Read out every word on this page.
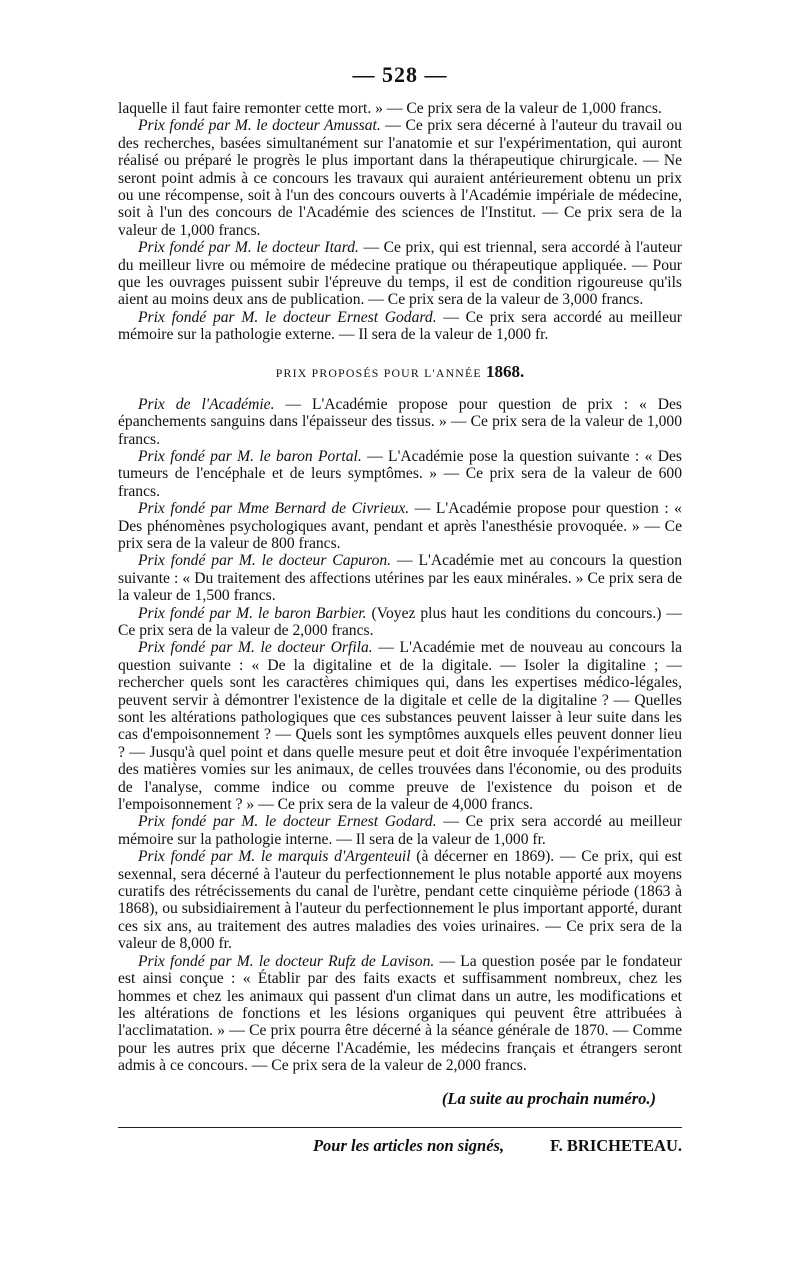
— 528 —

laquelle il faut faire remonter cette mort. » — Ce prix sera de la valeur de 1,000 francs.

Prix fondé par M. le docteur Amussat. — Ce prix sera décerné à l'auteur du travail ou des recherches, basées simultanément sur l'anatomie et sur l'expérimentation, qui auront réalisé ou préparé le progrès le plus important dans la thérapeutique chirurgicale. — Ne seront point admis à ce concours les travaux qui auraient antérieurement obtenu un prix ou une récompense, soit à l'un des concours ouverts à l'Académie impériale de médecine, soit à l'un des concours de l'Académie des sciences de l'Institut. — Ce prix sera de la valeur de 1,000 francs.

Prix fondé par M. le docteur Itard. — Ce prix, qui est triennal, sera accordé à l'auteur du meilleur livre ou mémoire de médecine pratique ou thérapeutique appliquée. — Pour que les ouvrages puissent subir l'épreuve du temps, il est de condition rigoureuse qu'ils aient au moins deux ans de publication. — Ce prix sera de la valeur de 3,000 francs.

Prix fondé par M. le docteur Ernest Godard. — Ce prix sera accordé au meilleur mémoire sur la pathologie externe. — Il sera de la valeur de 1,000 fr.

PRIX PROPOSÉS POUR L'ANNÉE 1868.

Prix de l'Académie. — L'Académie propose pour question de prix : « Des épanchements sanguins dans l'épaisseur des tissus. » — Ce prix sera de la valeur de 1,000 francs.

Prix fondé par M. le baron Portal. — L'Académie pose la question suivante : « Des tumeurs de l'encéphale et de leurs symptômes. » — Ce prix sera de la valeur de 600 francs.

Prix fondé par Mme Bernard de Civrieux. — L'Académie propose pour question : « Des phénomènes psychologiques avant, pendant et après l'anesthésie provoquée. » — Ce prix sera de la valeur de 800 francs.

Prix fondé par M. le docteur Capuron. — L'Académie met au concours la question suivante : « Du traitement des affections utérines par les eaux minérales. » Ce prix sera de la valeur de 1,500 francs.

Prix fondé par M. le baron Barbier. (Voyez plus haut les conditions du concours.) — Ce prix sera de la valeur de 2,000 francs.

Prix fondé par M. le docteur Orfila. — L'Académie met de nouveau au concours la question suivante : « De la digitaline et de la digitale. — Isoler la digitaline ; — rechercher quels sont les caractères chimiques qui, dans les expertises médico-légales, peuvent servir à démontrer l'existence de la digitale et celle de la digitaline ? — Quelles sont les altérations pathologiques que ces substances peuvent laisser à leur suite dans les cas d'empoisonnement ? — Quels sont les symptômes auxquels elles peuvent donner lieu ? — Jusqu'à quel point et dans quelle mesure peut et doit être invoquée l'expérimentation des matières vomies sur les animaux, de celles trouvées dans l'économie, ou des produits de l'analyse, comme indice ou comme preuve de l'existence du poison et de l'empoisonnement ? » — Ce prix sera de la valeur de 4,000 francs.

Prix fondé par M. le docteur Ernest Godard. — Ce prix sera accordé au meilleur mémoire sur la pathologie interne. — Il sera de la valeur de 1,000 fr.

Prix fondé par M. le marquis d'Argenteuil (à décerner en 1869). — Ce prix, qui est sexennal, sera décerné à l'auteur du perfectionnement le plus notable apporté aux moyens curatifs des rétrécissements du canal de l'urètre, pendant cette cinquième période (1863 à 1868), ou subsidiairement à l'auteur du perfectionnement le plus important apporté, durant ces six ans, au traitement des autres maladies des voies urinaires. — Ce prix sera de la valeur de 8,000 fr.

Prix fondé par M. le docteur Rufz de Lavison. — La question posée par le fondateur est ainsi conçue : « Établir par des faits exacts et suffisamment nombreux, chez les hommes et chez les animaux qui passent d'un climat dans un autre, les modifications et les altérations de fonctions et les lésions organiques qui peuvent être attribuées à l'acclimatation. » — Ce prix pourra être décerné à la séance générale de 1870. — Comme pour les autres prix que décerne l'Académie, les médecins français et étrangers seront admis à ce concours. — Ce prix sera de la valeur de 2,000 francs.

(La suite au prochain numéro.)
Pour les articles non signés,	F. BRICHETEAU.
